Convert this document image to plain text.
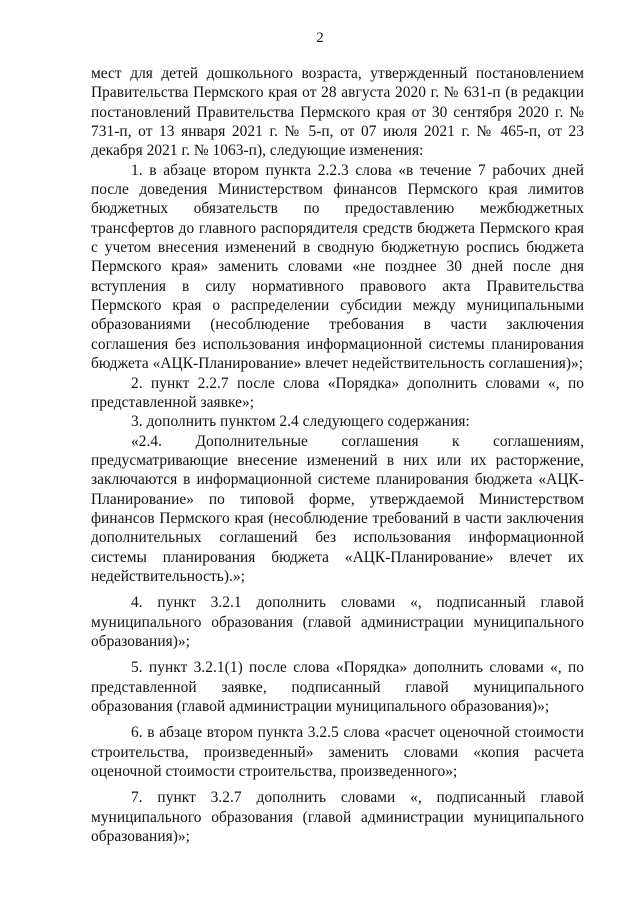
2

мест для детей дошкольного возраста, утвержденный постановлением Правительства Пермского края от 28 августа 2020 г. № 631-п (в редакции постановлений Правительства Пермского края от 30 сентября 2020 г. № 731-п, от 13 января 2021 г. № 5-п, от 07 июля 2021 г. № 465-п, от 23 декабря 2021 г. № 1063-п), следующие изменения:

1. в абзаце втором пункта 2.2.3 слова «в течение 7 рабочих дней после доведения Министерством финансов Пермского края лимитов бюджетных обязательств по предоставлению межбюджетных трансфертов до главного распорядителя средств бюджета Пермского края с учетом внесения изменений в сводную бюджетную роспись бюджета Пермского края» заменить словами «не позднее 30 дней после дня вступления в силу нормативного правового акта Правительства Пермского края о распределении субсидии между муниципальными образованиями (несоблюдение требования в части заключения соглашения без использования информационной системы планирования бюджета «АЦК-Планирование» влечет недействительность соглашения)»;

2. пункт 2.2.7 после слова «Порядка» дополнить словами «, по представленной заявке»;

3. дополнить пунктом 2.4 следующего содержания:

«2.4. Дополнительные соглашения к соглашениям, предусматривающие внесение изменений в них или их расторжение, заключаются в информационной системе планирования бюджета «АЦК-Планирование» по типовой форме, утверждаемой Министерством финансов Пермского края (несоблюдение требований в части заключения дополнительных соглашений без использования информационной системы планирования бюджета «АЦК-Планирование» влечет их недействительность).»;

4. пункт 3.2.1 дополнить словами «, подписанный главой муниципального образования (главой администрации муниципального образования)»;

5. пункт 3.2.1(1) после слова «Порядка» дополнить словами «, по представленной заявке, подписанный главой муниципального образования (главой администрации муниципального образования)»;

6. в абзаце втором пункта 3.2.5 слова «расчет оценочной стоимости строительства, произведенный» заменить словами «копия расчета оценочной стоимости строительства, произведенного»;

7. пункт 3.2.7 дополнить словами «, подписанный главой муниципального образования (главой администрации муниципального образования)»;
